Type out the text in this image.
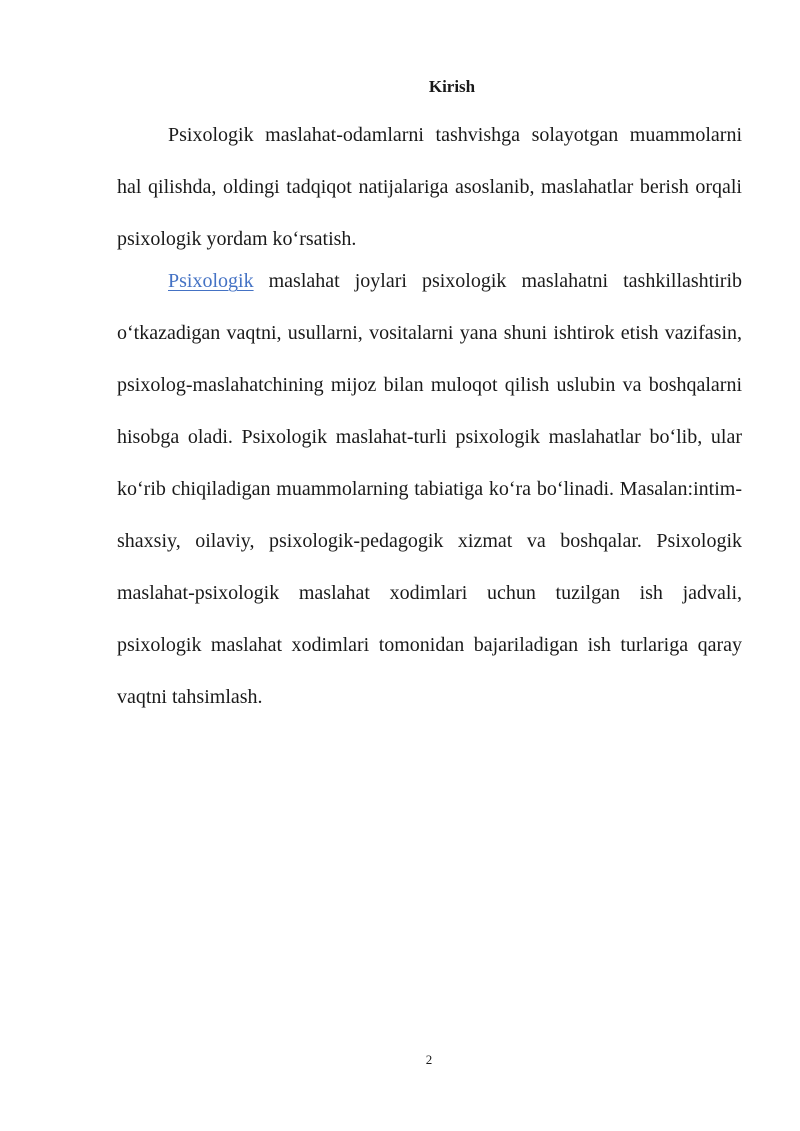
Kirish

Psixologik maslahat-odamlarni tashvishga solayotgan muammolarni hal qilishda, oldingi tadqiqot natijalariga asoslanib, maslahatlar berish orqali psixologik yordam ko‘rsatish.

Psixologik maslahat joylari psixologik maslahatni tashkillashtirib o‘tkazadigan vaqtni, usullarni, vositalarni yana shuni ishtirok etish vazifasin, psixolog-maslahatchining mijoz bilan muloqot qilish uslubin va boshqalarni hisobga oladi. Psixologik maslahat-turli psixologik maslahatlar bo‘lib, ular ko‘rib chiqiladigan muammolarning tabiatiga ko‘ra bo‘linadi. Masalan:intim-shaxsiy, oilaviy, psixologik-pedagogik xizmat va boshqalar. Psixologik maslahat-psixologik maslahat xodimlari uchun tuzilgan ish jadvali, psixologik maslahat xodimlari tomonidan bajariladigan ish turlariga qaray vaqtni tahsimlash.

2
